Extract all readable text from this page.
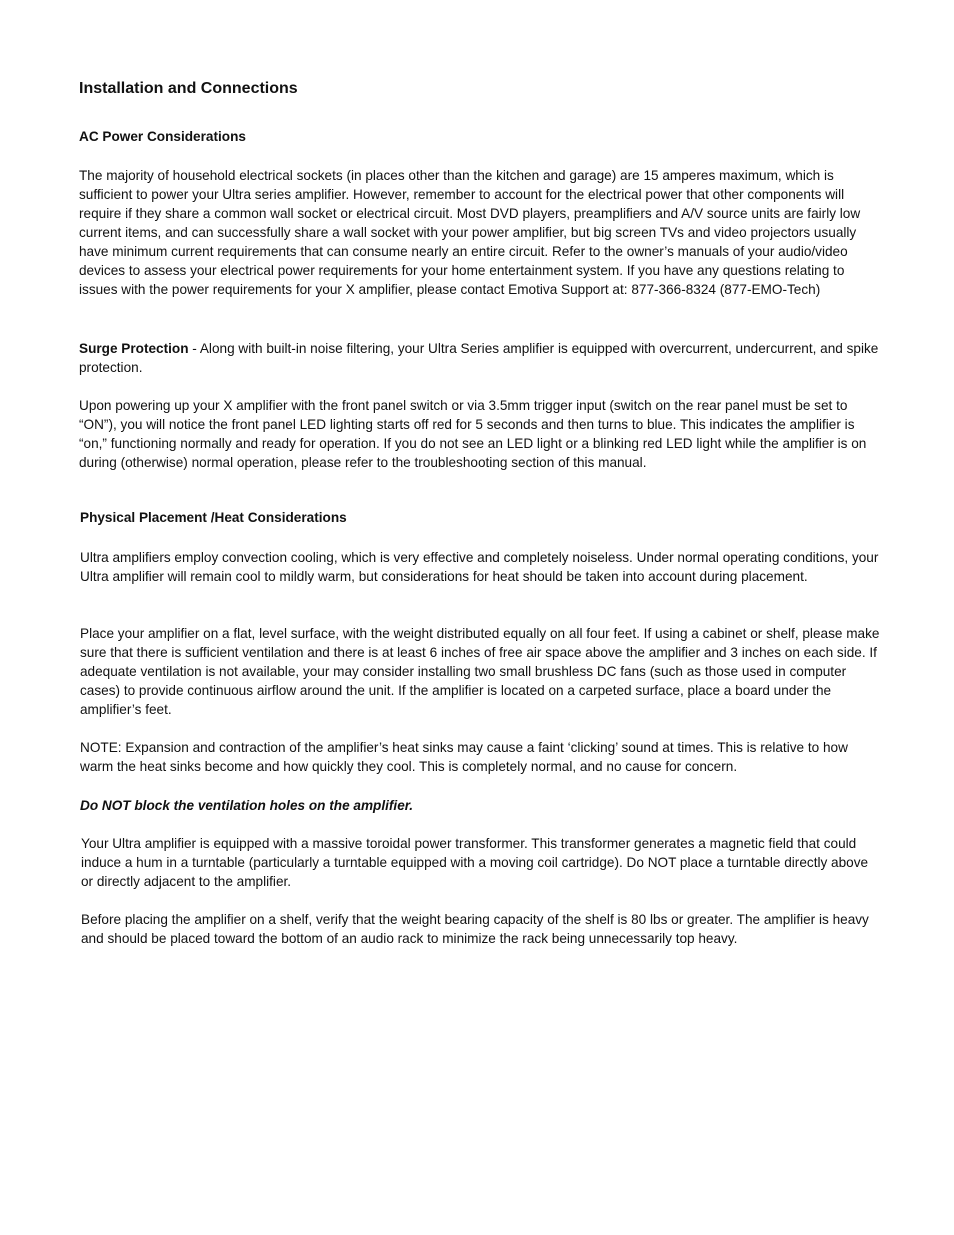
Installation and Connections
AC Power Considerations

The majority of household electrical sockets (in places other than the kitchen and garage) are 15 amperes maximum, which is sufficient to power your Ultra series amplifier. However, remember to account for the electrical power that other components will require if they share a common wall socket or electrical circuit. Most DVD players, preamplifiers and A/V source units are fairly low current items, and can successfully share a wall socket with your power amplifier, but big screen TVs and video projectors usually have minimum current requirements that can consume nearly an entire circuit. Refer to the owner’s manuals of your audio/video devices to assess your electrical power requirements for your home entertainment system. If you have any questions relating to issues with the power requirements for your X amplifier, please contact Emotiva Support at: 877-366-8324 (877-EMO-Tech)

Surge Protection - Along with built-in noise filtering, your Ultra Series amplifier is equipped with overcurrent, undercurrent, and spike protection.

Upon powering up your X amplifier with the front panel switch or via 3.5mm trigger input (switch on the rear panel must be set to “ON”), you will notice the front panel LED lighting starts off red for 5 seconds and then turns to blue. This indicates the amplifier is “on,” functioning normally and ready for operation. If you do not see an LED light or a blinking red LED light while the amplifier is on during (otherwise) normal operation, please refer to the troubleshooting section of this manual.

Physical Placement /Heat Considerations

Ultra amplifiers employ convection cooling, which is very effective and completely noiseless. Under normal operating conditions, your Ultra amplifier will remain cool to mildly warm, but considerations for heat should be taken into account during placement.

Place your amplifier on a flat, level surface, with the weight distributed equally on all four feet. If using a cabinet or shelf, please make sure that there is sufficient ventilation and there is at least 6 inches of free air space above the amplifier and 3 inches on each side. If adequate ventilation is not available, your may consider installing two small brushless DC fans (such as those used in computer cases) to provide continuous airflow around the unit. If the amplifier is located on a carpeted surface, place a board under the amplifier’s feet.

NOTE: Expansion and contraction of the amplifier’s heat sinks may cause a faint ‘clicking’ sound at times. This is relative to how warm the heat sinks become and how quickly they cool. This is completely normal, and no cause for concern.

Do NOT block the ventilation holes on the amplifier.

Your Ultra amplifier is equipped with a massive toroidal power transformer. This transformer generates a magnetic field that could induce a hum in a turntable (particularly a turntable equipped with a moving coil cartridge). Do NOT place a turntable directly above or directly adjacent to the amplifier.

Before placing the amplifier on a shelf, verify that the weight bearing capacity of the shelf is 80 lbs or greater. The amplifier is heavy and should be placed toward the bottom of an audio rack to minimize the rack being unnecessarily top heavy.
